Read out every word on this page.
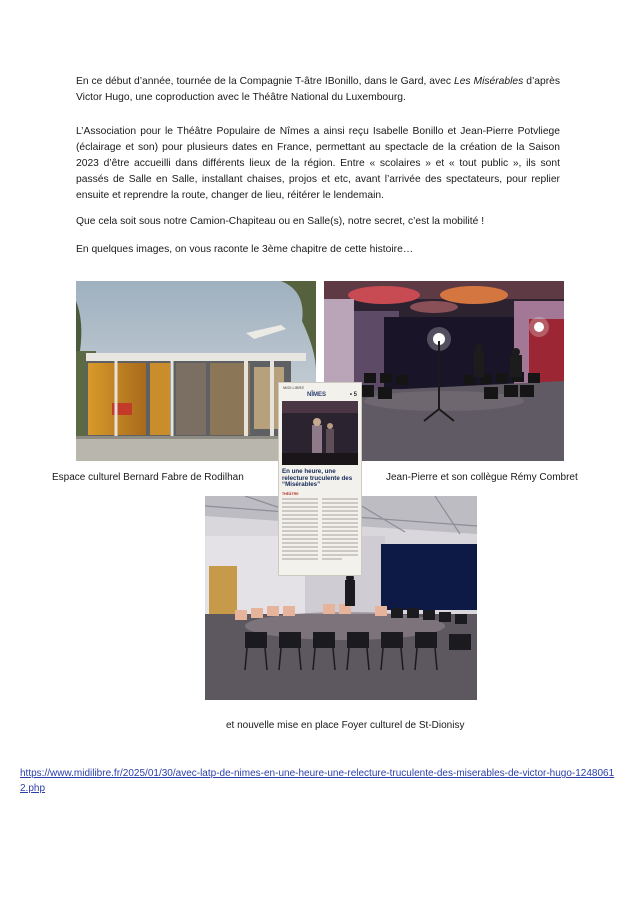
En ce début d’année, tournée de la Compagnie T-âtre IBonillo, dans le Gard, avec Les Misérables d’après Victor Hugo, une coproduction avec le Théâtre National du Luxembourg.
L’Association pour le Théâtre Populaire de Nîmes a ainsi reçu Isabelle Bonillo et Jean-Pierre Potvliege (éclairage et son) pour plusieurs dates en France, permettant au spectacle de la création de la Saison 2023 d’être accueilli dans différents lieux de la région. Entre « scolaires » et « tout public », ils sont passés de Salle en Salle, installant chaises, projos et etc, avant l’arrivée des spectateurs, pour replier ensuite et reprendre la route, changer de lieu, réitérer le lendemain.
Que cela soit sous notre Camion-Chapiteau ou en Salle(s), notre secret, c’est la mobilité !
En quelques images, on vous raconte le 3ème chapitre de cette histoire…
MIDI LIBRE
NÎMES	• 5
En une heure, une relecture truculente des “Misérables”
THÉÂTRE
Espace culturel Bernard Fabre de Rodilhan	Jean-Pierre et son collègue Rémy Combret
et nouvelle mise en place Foyer culturel de St-Dionisy
https://www.midilibre.fr/2025/01/30/avec-latp-de-nimes-en-une-heure-une-relecture-truculente-des-miserables-de-victor-hugo-12480612.php
